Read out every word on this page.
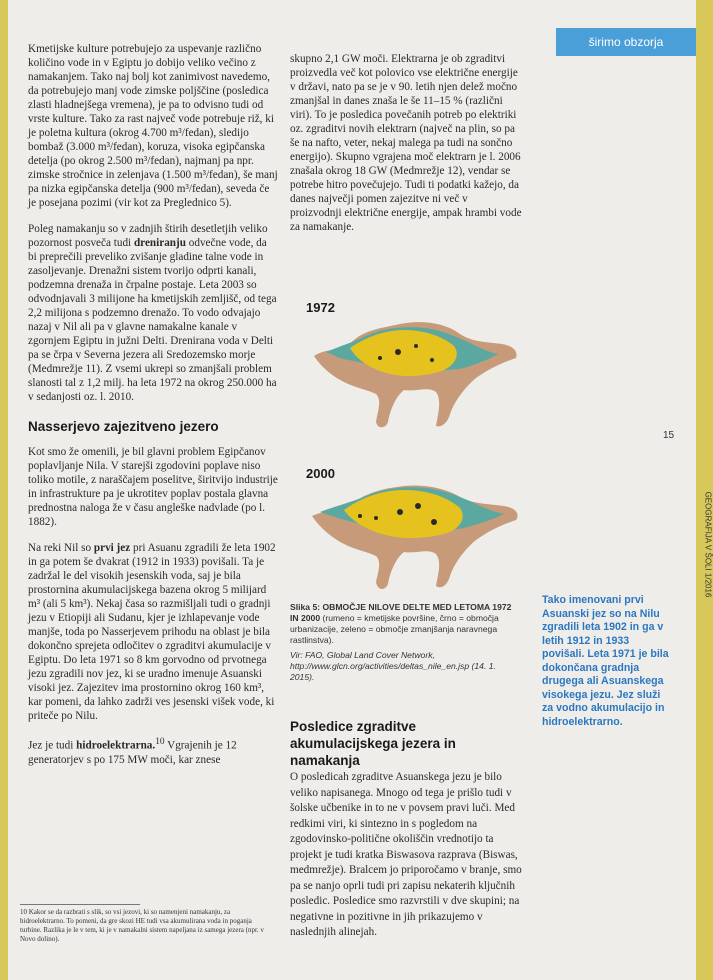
širimo obzorja

Kmetijske kulture potrebujejo za uspevanje različno količino vode in v Egiptu jo dobijo veliko večino z namakanjem. Tako naj bolj kot zanimivost navedemo, da potrebujejo manj vode zimske poljščine (posledica zlasti hladnejšega vremena), je pa to odvisno tudi od vrste kulture. Tako za rast največ vode potrebuje riž, ki je poletna kultura (okrog 4.700 m³/fedan), sledijo bombaž (3.000 m³/fedan), koruza, visoka egipčanska detelja (po okrog 2.500 m³/fedan), najmanj pa npr. zimske stročnice in zelenjava (1.500 m³/fedan), še manj pa nizka egipčanska detelja (900 m³/fedan), seveda če je posejana pozimi (vir kot za Preglednico 5).

Poleg namakanju so v zadnjih štirih desetletjih veliko pozornost posveča tudi dreniranju odvečne vode, da bi preprečili preveliko zvišanje gladine talne vode in zasoljevanje. Drenažni sistem tvorijo odprti kanali, podzemna drenaža in črpalne postaje. Leta 2003 so odvodnjavali 3 milijone ha kmetijskih zemljišč, od tega 2,2 milijona s podzemno drenažo. To vodo odvajajo nazaj v Nil ali pa v glavne namakalne kanale v zgornjem Egiptu in južni Delti. Drenirana voda v Delti pa se črpa v Severna jezera ali Sredozemsko morje (Medmrežje 11). Z vsemi ukrepi so zmanjšali problem slanosti tal z 1,2 milj. ha leta 1972 na okrog 250.000 ha v sedanjosti oz. l. 2010.

Nasserjevo zajezitveno jezero

Kot smo že omenili, je bil glavni problem Egipčanov poplavljanje Nila. V starejši zgodovini poplave niso toliko motile, z naraščajem poselitve, širitvijo industrije in infrastrukture pa je ukrotitev poplav postala glavna prednostna naloga že v času angleške nadvlade (po l. 1882).

Na reki Nil so prvi jez pri Asuanu zgradili že leta 1902 in ga potem še dvakrat (1912 in 1933) povišali. Ta je zadržal le del visokih jesenskih voda, saj je bila prostornina akumulacijskega bazena okrog 5 milijard m³ (ali 5 km³). Nekaj časa so razmišljali tudi o gradnji jezu v Etiopiji ali Sudanu, kjer je izhlapevanje vode manjše, toda po Nasserjevem prihodu na oblast je bila dokončno sprejeta odločitev o zgraditvi akumulacije v Egiptu. Do leta 1971 so 8 km gorvodno od prvotnega jezu zgradili nov jez, ki se uradno imenuje Asuanski visoki jez. Zajezitev ima prostornino okrog 160 km³, kar pomeni, da lahko zadrži ves jesenski višek vode, ki priteče po Nilu.

Jez je tudi hidroelektrarna.$^{10}$ Vgrajenih je 12 generatorjev s po 175 MW moči, kar znese

skupno 2,1 GW moči. Elektrarna je ob zgraditvi proizvedla več kot polovico vse električne energije v državi, nato pa se je v 90. letih njen delež močno zmanjšal in danes znaša le še 11–15 % (različni viri). To je posledica povečanih potreb po elektriki oz. zgraditvi novih elektrarn (največ na plin, so pa še na nafto, veter, nekaj malega pa tudi na sončno energijo). Skupno vgrajena moč elektrarn je l. 2006 znašala okrog 18 GW (Medmrežje 12), vendar se potrebe hitro povečujejo. Tudi ti podatki kažejo, da danes največji pomen zajezitve ni več v proizvodnji električne energije, ampak hrambi vode za namakanje.

1972
2000
Slika 5: OBMOČJE NILOVE DELTE MED LETOMA 1972 IN 2000 (rumeno = kmetijske površine, črno = območja urbanizacije, zeleno = območje zmanjšanja naravnega rastlinstva).
Vir: FAO, Global Land Cover Network, http://www.glcn.org/activities/deltas_nile_en.jsp (14. 1. 2015).
Posledice zgraditve akumulacijskega jezera in namakanja

O posledicah zgraditve Asuanskega jezu je bilo veliko napisanega. Mnogo od tega je prišlo tudi v šolske učbenike in to ne v povsem pravi luči. Med redkimi viri, ki sintezno in s pogledom na zgodovinsko-politične okoliščin vrednotijo ta projekt je tudi kratka Biswasova razprava (Biswas, medmrežje). Bralcem jo priporočamo v branje, smo pa se nanjo oprli tudi pri zapisu nekaterih ključnih posledic. Posledice smo razvrstili v dve skupini; na negativne in pozitivne in jih prikazujemo v naslednjih alinejah.

Tako imenovani prvi Asuanski jez so na Nilu zgradili leta 1902 in ga v letih 1912 in 1933 povišali. Leta 1971 je bila dokončana gradnja drugega ali Asuanskega visokega jezu. Jez služi za vodno akumulacijo in hidroelektrarno.
15
GEOGRAFIJA V ŠOLI 1/2016
10 Kakor se da razbrati s slik, so vsi jezovi, ki so namenjeni namakanju, za hidroelektrarno. To pomeni, da gre skozi HE tudi vsa akumulirana voda in poganja turbine. Razlika je le v tem, ki je v namakalni sistem napeljana iz samega jezera (npr. v Novo dolino).
